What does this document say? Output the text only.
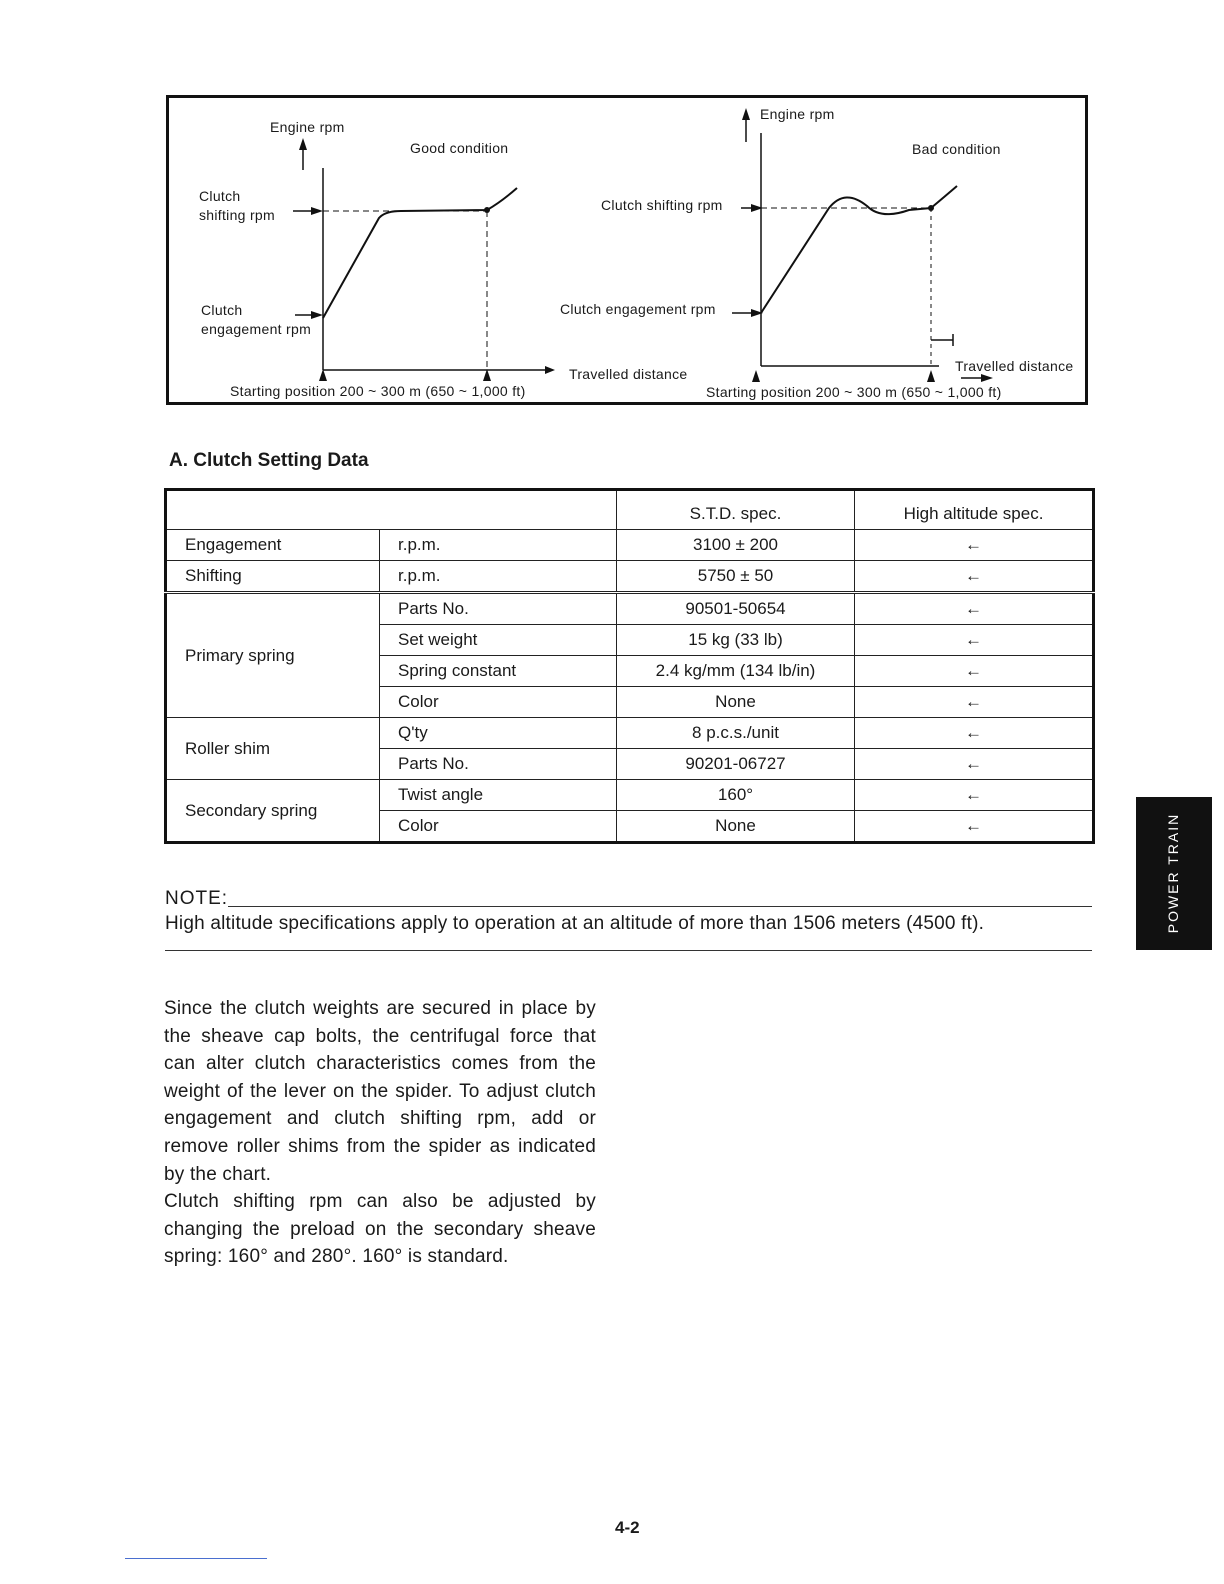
Engine rpm
Good condition
Clutch
shifting rpm
Clutch
engagement rpm
Travelled distance
Starting position 200 ~ 300 m (650 ~ 1,000 ft)
Engine rpm
Bad condition
Clutch shifting rpm
Clutch engagement rpm
Travelled distance
Starting position 200 ~ 300 m (650 ~ 1,000 ft)
A. Clutch Setting Data
		S.T.D. spec.	High altitude spec.
Engagement	r.p.m.	3100 ± 200	←
Shifting	r.p.m.	5750 ± 50	←
Primary spring	Parts No.	90501-50654	←
	Set weight	15 kg (33 lb)	←
	Spring constant	2.4 kg/mm (134 lb/in)	←
	Color	None	←
Roller shim	Q'ty	8 p.c.s./unit	←
	Parts No.	90201-06727	←
Secondary spring	Twist angle	160°	←
	Color	None	←
NOTE:
High altitude specifications apply to operation at an altitude of more than 1506 meters (4500 ft).

Since the clutch weights are secured in place by the sheave cap bolts, the centrifugal force that can alter clutch characteristics comes from the weight of the lever on the spider. To adjust clutch engagement and clutch shifting rpm, add or remove roller shims from the spider as indicated by the chart.

Clutch shifting rpm can also be adjusted by changing the preload on the secondary sheave spring: 160° and 280°. 160° is standard.

POWER TRAIN
4-2
